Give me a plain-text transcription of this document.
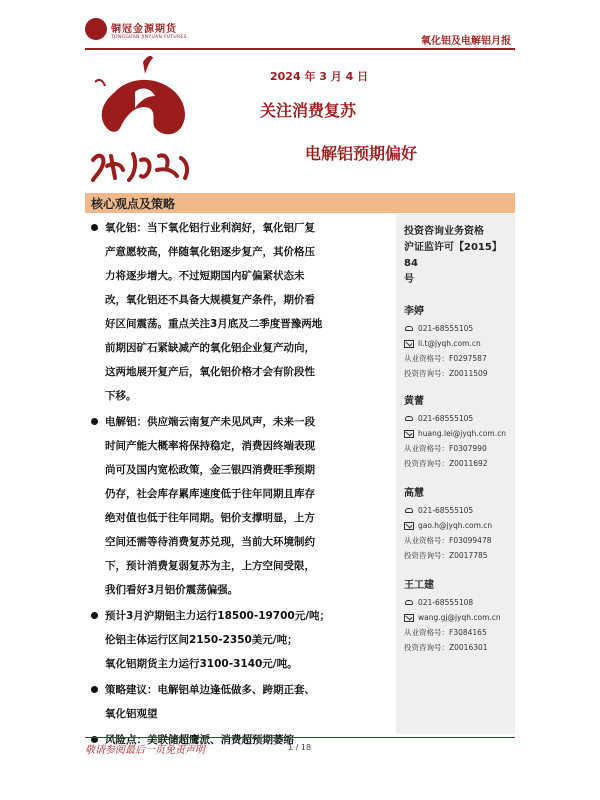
铜冠金源期货
TONGGUAN JINYUAN FUTURES	氧化铝及电解铝月报
2024 年 3 月 4 日
关注消费复苏
电解铝预期偏好
核心观点及策略
氧化铝：当下氧化铝行业利润好，氧化铝厂复
产意愿较高，伴随氧化铝逐步复产，其价格压
力将逐步增大。不过短期国内矿偏紧状态未
改，氧化铝还不具备大规模复产条件，期价看
好区间震荡。重点关注3月底及二季度晋豫两地
前期因矿石紧缺减产的氧化铝企业复产动向，
这两地展开复产后，氧化铝价格才会有阶段性
下移。
电解铝：供应端云南复产未见风声，未来一段
时间产能大概率将保持稳定，消费因终端表现
尚可及国内宽松政策，金三银四消费旺季预期
仍存，社会库存累库速度低于往年同期且库存
绝对值也低于往年同期。铝价支撑明显，上方
空间还需等待消费复苏兑现，当前大环境制约
下，预计消费复弱复苏为主，上方空间受限，
我们看好3月铝价震荡偏强。
预计3月沪期铝主力运行18500-19700元/吨；
伦铝主体运行区间2150-2350美元/吨；
氧化铝期货主力运行3100-3140元/吨。
策略建议：电解铝单边逢低做多、跨期正套、
氧化铝观望
风险点：美联储超鹰派、消费超预期萎缩
投资咨询业务资格
沪证监许可【2015】84
号
李婷
021-68555105
li.t@jyqh.com.cn
从业资格号：F0297587
投资咨询号：Z0011509
黄蕾
021-68555105
huang.lei@jyqh.com.cn
从业资格号：F0307990
投资咨询号：Z0011692
高慧
021-68555105
gao.h@jyqh.com.cn
从业资格号：F03099478
投资咨询号：Z0017785
王工建
021-68555108
wang.gj@jyqh.com.cn
从业资格号：F3084165
投资咨询号：Z0016301
敬请参阅最后一页免责声明	1 / 18
